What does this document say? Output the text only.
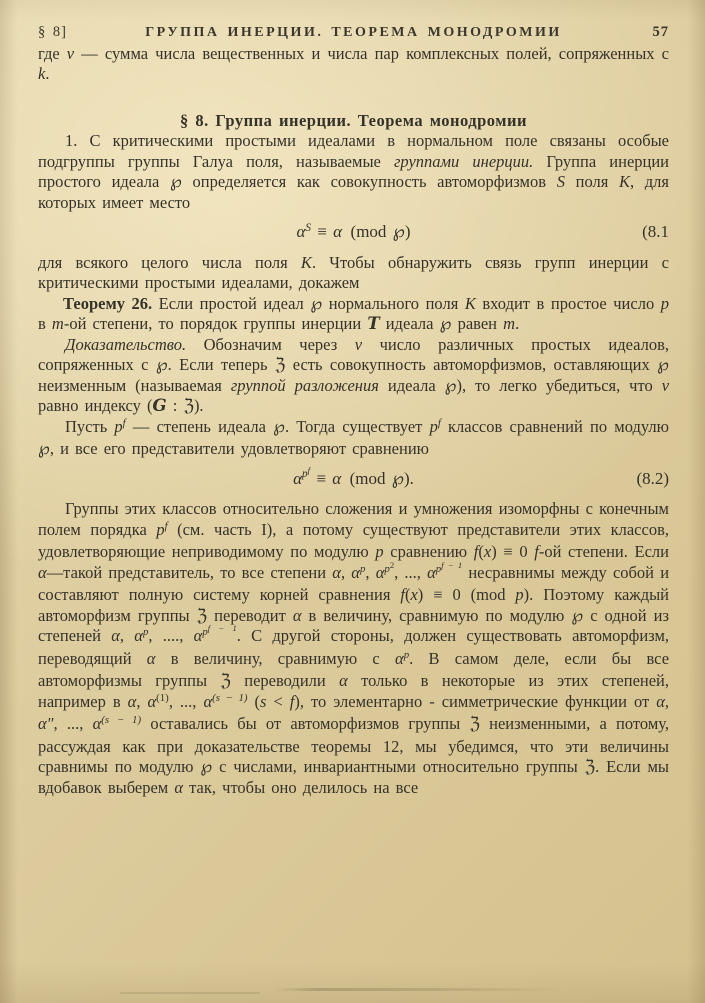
§ 8]	ГРУППА ИНЕРЦИИ. ТЕОРЕМА МОНОДРОМИИ	57

где ν — сумма числа вещественных и числа пар комплексных полей, сопряженных с k.

§ 8. Группа инерции. Теорема монодромии

1. С критическими простыми идеалами в нормальном поле связаны особые подгруппы группы Галуа поля, называемые группами инерции. Группа инерции простого идеала ℘ определяется как совокупность автоморфизмов S поля K, для которых имеет место

$\alpha^S \equiv \alpha$ (mod ℘)	(8.1

для всякого целого числа поля K. Чтобы обнаружить связь групп инерции с критическими простыми идеалами, докажем

Теорему 26. Если простой идеал ℘ нормального поля K входит в простое число p в m-ой степени, то порядок группы инерции T идеала ℘ равен m.

Доказательство. Обозначим через ν число различных простых идеалов, сопряженных с ℘. Если теперь ℨ есть совокупность автоморфизмов, оставляющих ℘ неизменным (называемая группой разложения идеала ℘), то легко убедиться, что ν равно индексу (G : ℨ).

Пусть $p^f$ — степень идеала ℘. Тогда существует $p^f$ классов сравнений по модулю ℘, и все его представители удовлетворяют сравнению

$\alpha^{pf} \equiv \alpha$ (mod ℘).	(8.2)

Группы этих классов относительно сложения и умножения изоморфны с конечным полем порядка $p^f$ (см. часть I), а потому существуют представители этих классов, удовлетворяющие неприводимому по модулю p сравнению f(x) ≡ 0 f-ой степени. Если α—такой представитель, то все степени α, $\alpha^p$, $\alpha^{p2}$, ..., $\alpha^{pf - 1}$ несравнимы между собой и составляют полную систему корней сравнения f(x) ≡ 0 (mod p). Поэтому каждый автоморфизм группы ℨ переводит α в величину, сравнимую по модулю ℘ с одной из степеней α, $\alpha^p$, ...., $\alpha^{pf - 1}$. С другой стороны, должен существовать автоморфизм, переводящий α в величину, сравнимую с $\alpha^p$. В самом деле, если бы все автоморфизмы группы ℨ переводили α только в некоторые из этих степеней, например в α, $\alpha^{(1)}$, ..., $\alpha^{(s - 1)}$ (s < f), то элементарно - симметрические функции от α, α″, ..., $\alpha^{(s - 1)}$ оставались бы от автоморфизмов группы ℨ неизменными, а потому, рассуждая как при доказательстве теоремы 12, мы убедимся, что эти величины сравнимы по модулю ℘ с числами, инвариантными относительно группы ℨ. Если мы вдобавок выберем α так, чтобы оно делилось на все
